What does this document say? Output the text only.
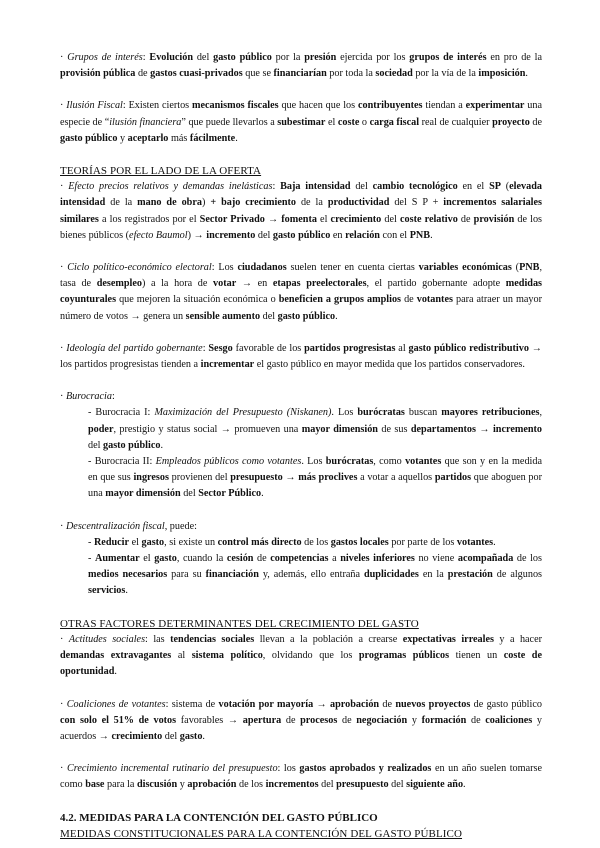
· Grupos de interés: Evolución del gasto público por la presión ejercida por los grupos de interés en pro de la provisión pública de gastos cuasi-privados que se financiarían por toda la sociedad por la vía de la imposición.

· Ilusión Fiscal: Existen ciertos mecanismos fiscales que hacen que los contribuyentes tiendan a experimentar una especie de “ilusión financiera” que puede llevarlos a subestimar el coste o carga fiscal real de cualquier proyecto de gasto público y aceptarlo más fácilmente.

TEORÍAS POR EL LADO DE LA OFERTA

· Efecto precios relativos y demandas inelásticas: Baja intensidad del cambio tecnológico en el SP (elevada intensidad de la mano de obra) + bajo crecimiento de la productividad del S P + incrementos salariales similares a los registrados por el Sector Privado → fomenta el crecimiento del coste relativo de provisión de los bienes públicos (efecto Baumol) → incremento del gasto público en relación con el PNB.

· Ciclo político-económico electoral: Los ciudadanos suelen tener en cuenta ciertas variables económicas (PNB, tasa de desempleo) a la hora de votar → en etapas preelectorales, el partido gobernante adopte medidas coyunturales que mejoren la situación económica o beneficien a grupos amplios de votantes para atraer un mayor número de votos → genera un sensible aumento del gasto público.

· Ideología del partido gobernante: Sesgo favorable de los partidos progresistas al gasto público redistributivo → los partidos progresistas tienden a incrementar el gasto público en mayor medida que los partidos conservadores.

· Burocracia:

- Burocracia I: Maximización del Presupuesto (Niskanen). Los burócratas buscan mayores retribuciones, poder, prestigio y status social → promueven una mayor dimensión de sus departamentos → incremento del gasto público.

- Burocracia II: Empleados públicos como votantes. Los burócratas, como votantes que son y en la medida en que sus ingresos provienen del presupuesto → más proclives a votar a aquellos partidos que aboguen por una mayor dimensión del Sector Público.

· Descentralización fiscal, puede:

- Reducir el gasto, si existe un control más directo de los gastos locales por parte de los votantes.

- Aumentar el gasto, cuando la cesión de competencias a niveles inferiores no viene acompañada de los medios necesarios para su financiación y, además, ello entraña duplicidades en la prestación de algunos servicios.

OTRAS FACTORES DETERMINANTES DEL CRECIMIENTO DEL GASTO

· Actitudes sociales: las tendencias sociales llevan a la población a crearse expectativas irreales y a hacer demandas extravagantes al sistema político, olvidando que los programas públicos tienen un coste de oportunidad.

· Coaliciones de votantes: sistema de votación por mayoría → aprobación de nuevos proyectos de gasto público con solo el 51% de votos favorables → apertura de procesos de negociación y formación de coaliciones y acuerdos → crecimiento del gasto.

· Crecimiento incremental rutinario del presupuesto: los gastos aprobados y realizados en un año suelen tomarse como base para la discusión y aprobación de los incrementos del presupuesto del siguiente año.

4.2. MEDIDAS PARA LA CONTENCIÓN DEL GASTO PÚBLICO

MEDIDAS CONSTITUCIONALES PARA LA CONTENCIÓN DEL GASTO PÚBLICO
